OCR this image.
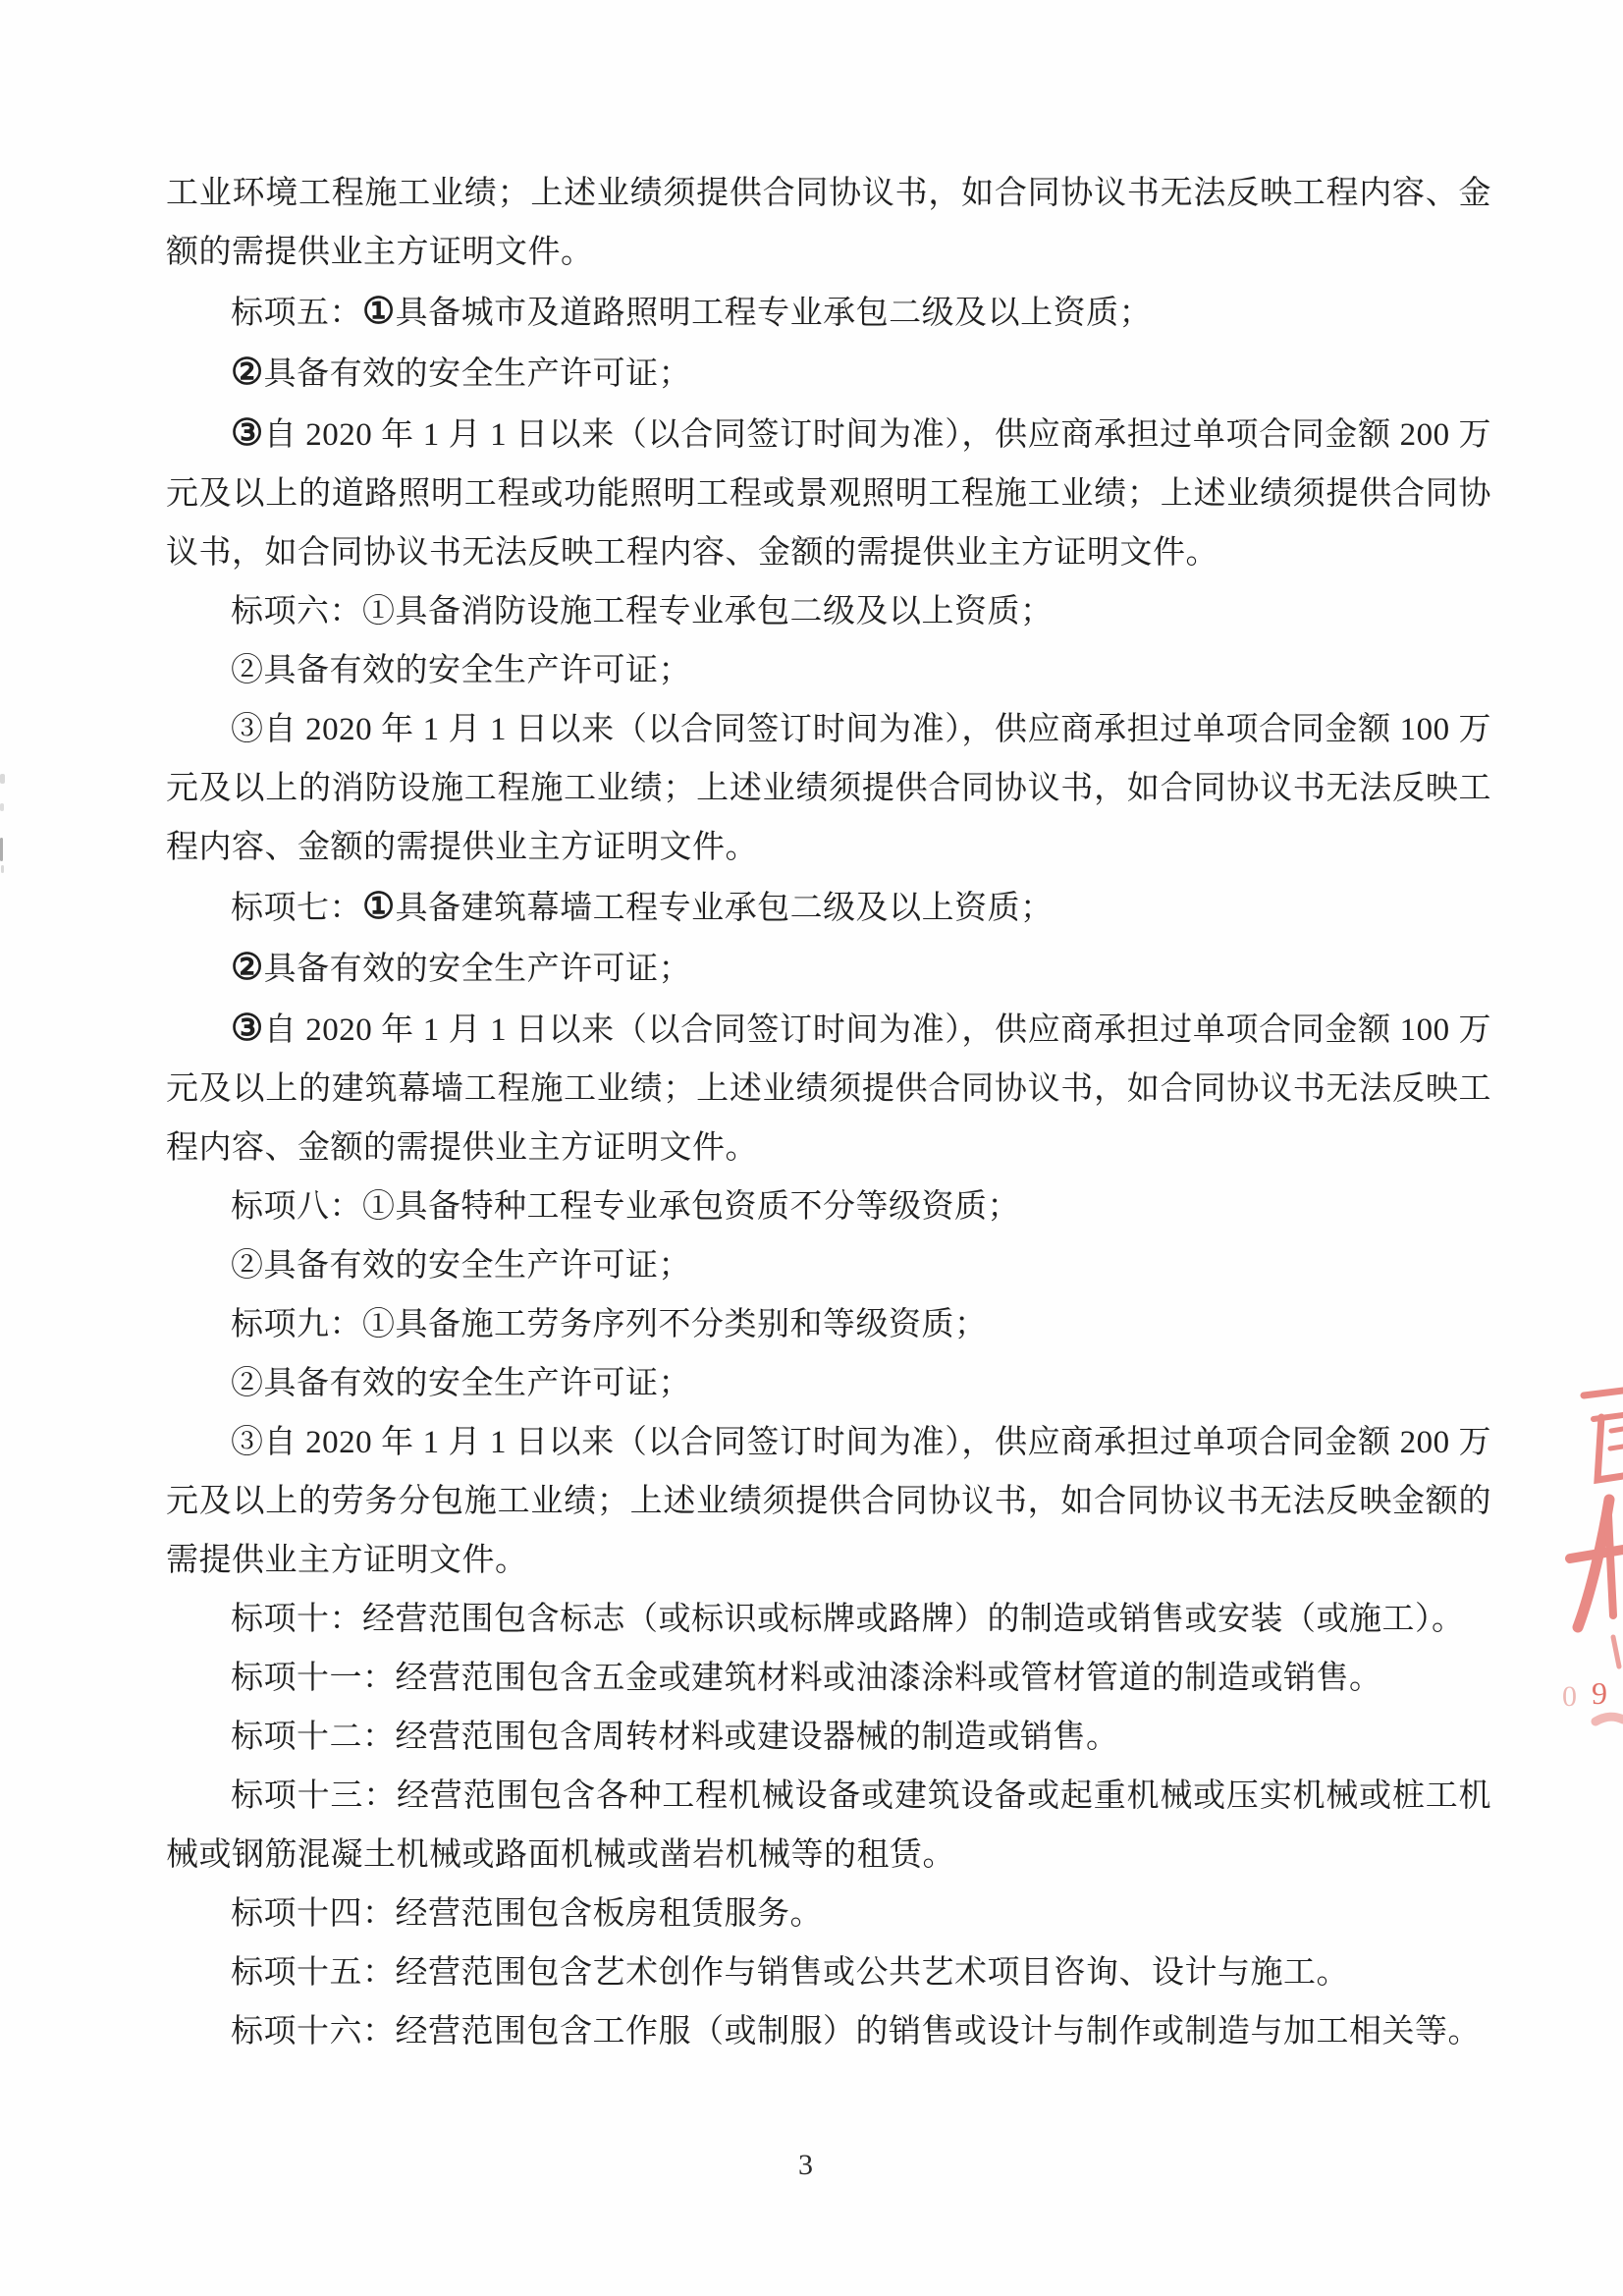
工业环境工程施工业绩；上述业绩须提供合同协议书，如合同协议书无法反映工程内容、金额的需提供业主方证明文件。

标项五：①具备城市及道路照明工程专业承包二级及以上资质；

②具备有效的安全生产许可证；

③自 2020 年 1 月 1 日以来（以合同签订时间为准），供应商承担过单项合同金额 200 万元及以上的道路照明工程或功能照明工程或景观照明工程施工业绩；上述业绩须提供合同协议书，如合同协议书无法反映工程内容、金额的需提供业主方证明文件。

标项六：①具备消防设施工程专业承包二级及以上资质；

②具备有效的安全生产许可证；

③自 2020 年 1 月 1 日以来（以合同签订时间为准），供应商承担过单项合同金额 100 万元及以上的消防设施工程施工业绩；上述业绩须提供合同协议书，如合同协议书无法反映工程内容、金额的需提供业主方证明文件。

标项七：①具备建筑幕墙工程专业承包二级及以上资质；

②具备有效的安全生产许可证；

③自 2020 年 1 月 1 日以来（以合同签订时间为准），供应商承担过单项合同金额 100 万元及以上的建筑幕墙工程施工业绩；上述业绩须提供合同协议书，如合同协议书无法反映工程内容、金额的需提供业主方证明文件。

标项八：①具备特种工程专业承包资质不分等级资质；

②具备有效的安全生产许可证；

标项九：①具备施工劳务序列不分类别和等级资质；

②具备有效的安全生产许可证；

③自 2020 年 1 月 1 日以来（以合同签订时间为准），供应商承担过单项合同金额 200 万元及以上的劳务分包施工业绩；上述业绩须提供合同协议书，如合同协议书无法反映金额的需提供业主方证明文件。

标项十：经营范围包含标志（或标识或标牌或路牌）的制造或销售或安装（或施工）。

标项十一：经营范围包含五金或建筑材料或油漆涂料或管材管道的制造或销售。

标项十二：经营范围包含周转材料或建设器械的制造或销售。

标项十三：经营范围包含各种工程机械设备或建筑设备或起重机械或压实机械或桩工机械或钢筋混凝土机械或路面机械或凿岩机械等的租赁。

标项十四：经营范围包含板房租赁服务。

标项十五：经营范围包含艺术创作与销售或公共艺术项目咨询、设计与施工。

标项十六：经营范围包含工作服（或制服）的销售或设计与制作或制造与加工相关等。

3
0 9
